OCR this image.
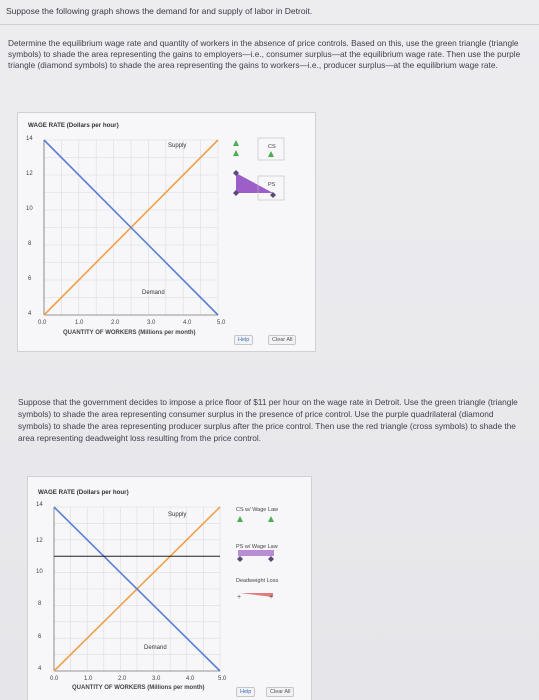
Suppose the following graph shows the demand for and supply of labor in Detroit.
Determine the equilibrium wage rate and quantity of workers in the absence of price controls. Based on this, use the green triangle (triangle symbols) to shade the area representing the gains to employers—i.e., consumer surplus—at the equilibrium wage rate. Then use the purple triangle (diamond symbols) to shade the area representing the gains to workers—i.e., producer surplus—at the equilibrium wage rate.
WAGE RATE (Dollars per hour)
14
12
10
8
6
4
0.0	1.0	2.0	3.0	4.0	5.0
QUANTITY OF WORKERS (Millions per month)
Supply
Demand
CS
PS
Help	Clear All
Suppose that the government decides to impose a price floor of $11 per hour on the wage rate in Detroit. Use the green triangle (triangle symbols) to shade the area representing consumer surplus in the presence of price control. Use the purple quadrilateral (diamond symbols) to shade the area representing producer surplus after the price control. Then use the red triangle (cross symbols) to shade the area representing deadweight loss resulting from the price control.
WAGE RATE (Dollars per hour)
+	+
14
12
10
8
6
4
0.0	1.0	2.0	3.0	4.0	5.0
QUANTITY OF WORKERS (Millions per month)
Supply
Demand
CS w/ Wage Law
PS w/ Wage Law
Deadweight Loss
Help	Clear All
